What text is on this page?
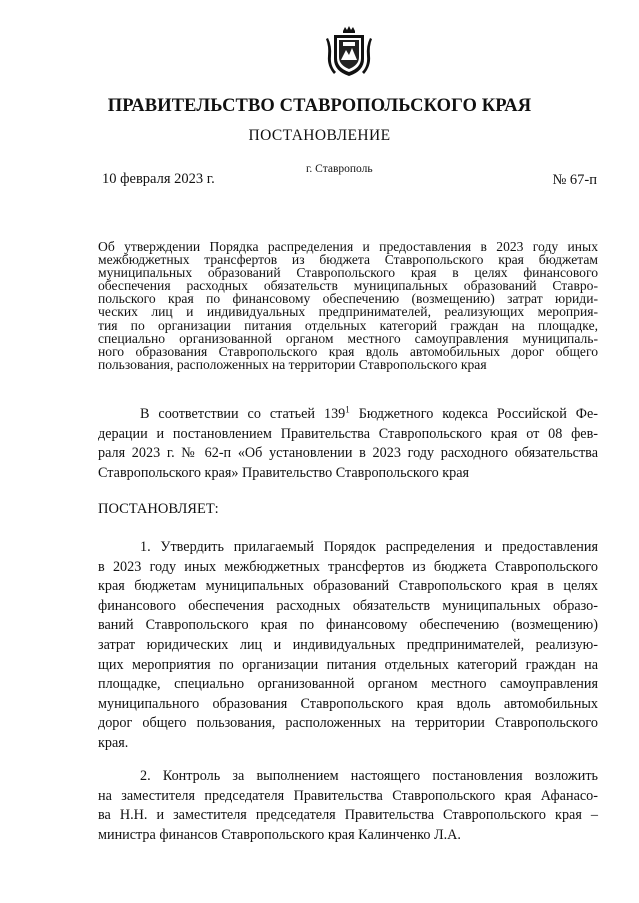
ПРАВИТЕЛЬСТВО СТАВРОПОЛЬСКОГО КРАЯ
ПОСТАНОВЛЕНИЕ
10 февраля 2023 г.
г. Ставрополь
№ 67-п
Об утверждении Порядка распределения и предоставления в 2023 году иных
межбюджетных трансфертов из бюджета Ставропольского края бюджетам
муниципальных образований Ставропольского края в целях финансового
обеспечения расходных обязательств муниципальных образований Ставро-
польского края по финансовому обеспечению (возмещению) затрат юриди-
ческих лиц и индивидуальных предпринимателей, реализующих мероприя-
тия по организации питания отдельных категорий граждан на площадке,
специально организованной органом местного самоуправления муниципаль-
ного образования Ставропольского края вдоль автомобильных дорог общего
пользования, расположенных на территории Ставропольского края
В соответствии со статьей $139^1$ Бюджетного кодекса Российской Фе-
дерации и постановлением Правительства Ставропольского края от 08 фев-
раля 2023 г. № 62-п «Об установлении в 2023 году расходного обязательства
Ставропольского края» Правительство Ставропольского края
ПОСТАНОВЛЯЕТ:
1. Утвердить прилагаемый Порядок распределения и предоставления
в 2023 году иных межбюджетных трансфертов из бюджета Ставропольского
края бюджетам муниципальных образований Ставропольского края в целях
финансового обеспечения расходных обязательств муниципальных образо-
ваний Ставропольского края по финансовому обеспечению (возмещению)
затрат юридических лиц и индивидуальных предпринимателей, реализую-
щих мероприятия по организации питания отдельных категорий граждан на
площадке, специально организованной органом местного самоуправления
муниципального образования Ставропольского края вдоль автомобильных
дорог общего пользования, расположенных на территории Ставропольского
края.
2. Контроль за выполнением настоящего постановления возложить
на заместителя председателя Правительства Ставропольского края Афанасо-
ва Н.Н. и заместителя председателя Правительства Ставропольского края –
министра финансов Ставропольского края Калинченко Л.А.
